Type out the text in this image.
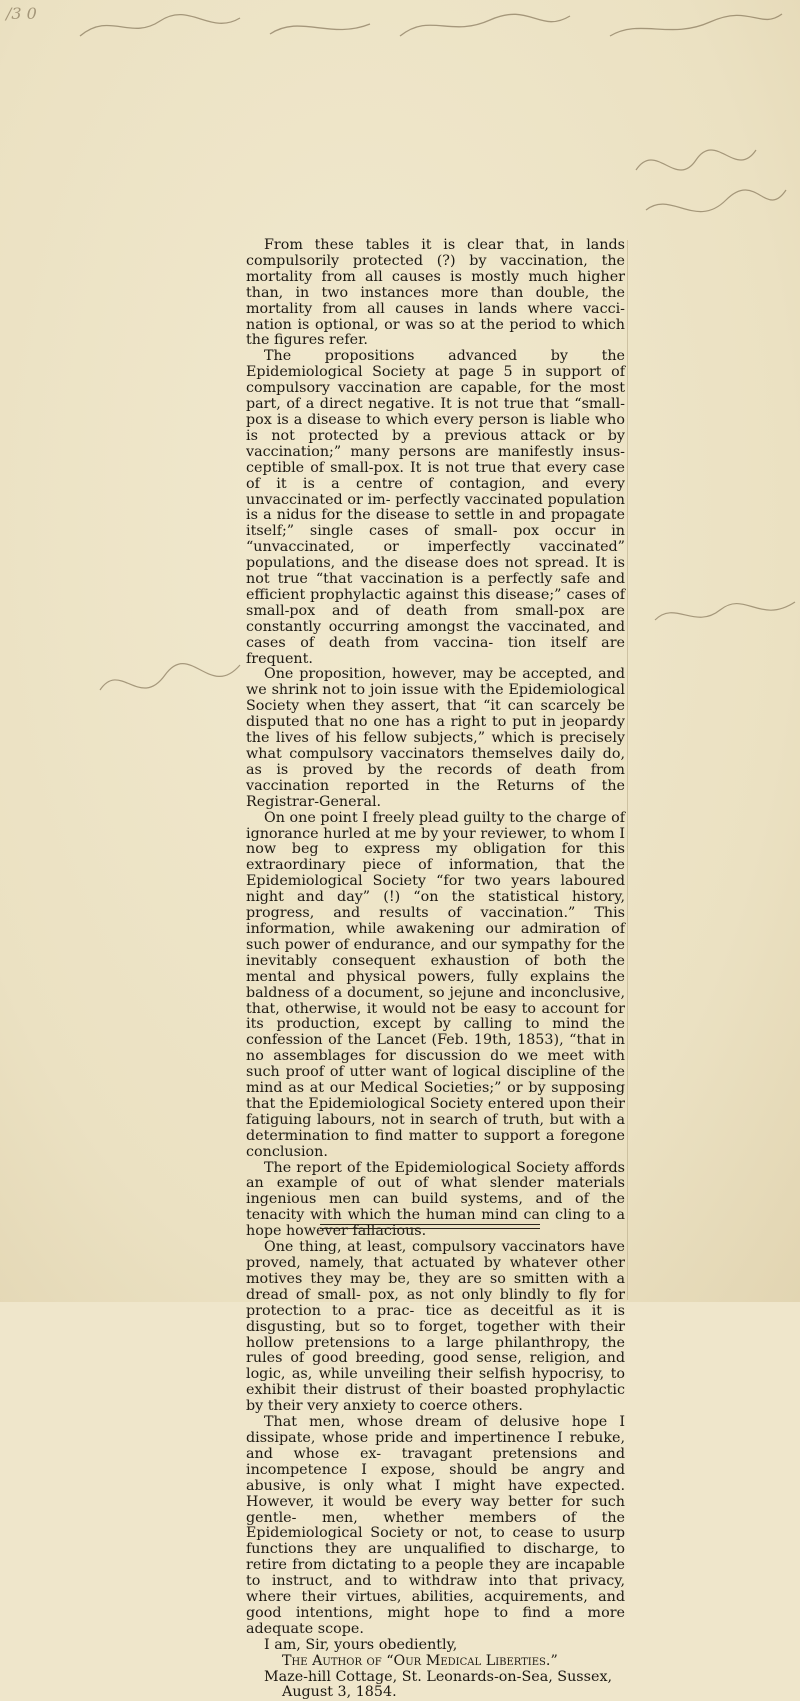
/3 0

From these tables it is clear that, in lands compulsorily protected (?) by vaccination, the mortality from all causes is mostly much higher than, in two instances more than double, the mortality from all causes in lands where vacci- nation is optional, or was so at the period to which the figures refer.

The propositions advanced by the Epidemiological Society at page 5 in support of compulsory vaccination are capable, for the most part, of a direct negative. It is not true that “small-pox is a disease to which every person is liable who is not protected by a previous attack or by vaccination;” many persons are manifestly insus- ceptible of small-pox. It is not true that every case of it is a centre of contagion, and every unvaccinated or im- perfectly vaccinated population is a nidus for the disease to settle in and propagate itself;” single cases of small- pox occur in “unvaccinated, or imperfectly vaccinated” populations, and the disease does not spread. It is not true “that vaccination is a perfectly safe and efficient prophylactic against this disease;” cases of small-pox and of death from small-pox are constantly occurring amongst the vaccinated, and cases of death from vaccina- tion itself are frequent.

One proposition, however, may be accepted, and we shrink not to join issue with the Epidemiological Society when they assert, that “it can scarcely be disputed that no one has a right to put in jeopardy the lives of his fellow subjects,” which is precisely what compulsory vaccinators themselves daily do, as is proved by the records of death from vaccination reported in the Returns of the Registrar-General.

On one point I freely plead guilty to the charge of ignorance hurled at me by your reviewer, to whom I now beg to express my obligation for this extraordinary piece of information, that the Epidemiological Society “for two years laboured night and day” (!) “on the statistical history, progress, and results of vaccination.” This information, while awakening our admiration of such power of endurance, and our sympathy for the inevitably consequent exhaustion of both the mental and physical powers, fully explains the baldness of a document, so jejune and inconclusive, that, otherwise, it would not be easy to account for its production, except by calling to mind the confession of the Lancet (Feb. 19th, 1853), “that in no assemblages for discussion do we meet with such proof of utter want of logical discipline of the mind as at our Medical Societies;” or by supposing that the Epidemiological Society entered upon their fatiguing labours, not in search of truth, but with a determination to find matter to support a foregone conclusion.

The report of the Epidemiological Society affords an example of out of what slender materials ingenious men can build systems, and of the tenacity with which the human mind can cling to a hope however fallacious.

One thing, at least, compulsory vaccinators have proved, namely, that actuated by whatever other motives they may be, they are so smitten with a dread of small- pox, as not only blindly to fly for protection to a prac- tice as deceitful as it is disgusting, but so to forget, together with their hollow pretensions to a large philanthropy, the rules of good breeding, good sense, religion, and logic, as, while unveiling their selfish hypocrisy, to exhibit their distrust of their boasted prophylactic by their very anxiety to coerce others.

That men, whose dream of delusive hope I dissipate, whose pride and impertinence I rebuke, and whose ex- travagant pretensions and incompetence I expose, should be angry and abusive, is only what I might have expected. However, it would be every way better for such gentle- men, whether members of the Epidemiological Society or not, to cease to usurp functions they are unqualified to discharge, to retire from dictating to a people they are incapable to instruct, and to withdraw into that privacy, where their virtues, abilities, acquirements, and good intentions, might hope to find a more adequate scope.

I am, Sir, yours obediently,

The Author of “Our Medical Liberties.”

Maze-hill Cottage, St. Leonards-on-Sea, Sussex,

August 3, 1854.
